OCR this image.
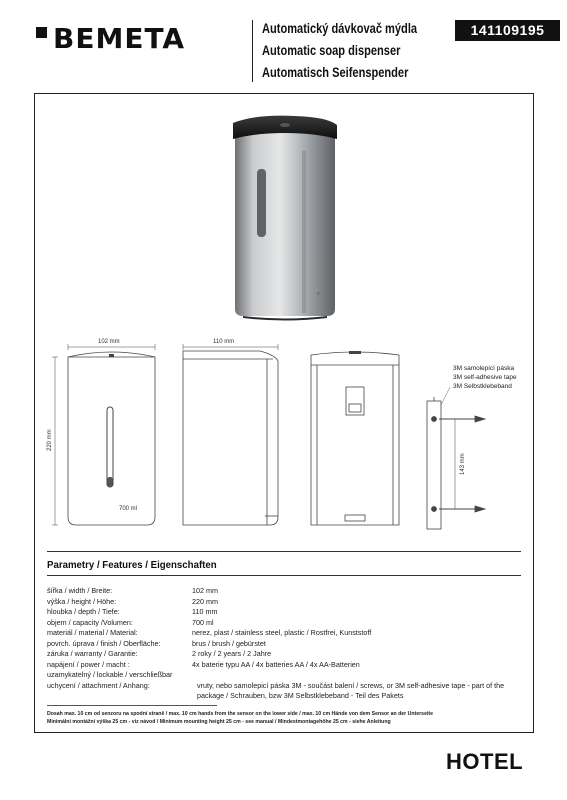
BEMETA	Automatický dávkovač mýdla
Automatic soap dispenser
Automatisch Seifenspender
141109195
★
102 mm
220 mm
700 ml
110 mm
143 mm
3M samolepicí páska
3M self-adhesive tape
3M Selbstklebeband
Parametry / Features / Eigenschaften
šířka / width / Breite:	102 mm
výška / height / Höhe:	220 mm
hloubka / depth / Tiefe:	110 mm
objem / capacity /Volumen:	700 ml
materiál / material / Material:	nerez, plast / stainless steel, plastic / Rostfrei, Kunststoff
povrch. úprava / finish / Oberfläche:	brus / brush / gebürstet
záruka / warranty / Garantie:	2 roky / 2 years / 2 Jahre
napájení / power / macht :	4x baterie typu AA / 4x batteries AA / 4x AA-Batterien
uzamykatelný / lockable / verschließbar
uchycení / attachment / Anhang:	vruty, nebo samolepicí páska 3M - součást balení / screws, or 3M self-adhesive tape - part of the package / Schrauben, bzw 3M Selbstklebeband - Teil des Pakets
Dosah max. 10 cm od senzoru na spodní straně / max. 10 cm hands from the sensor on the lower side / max. 10 cm Hände von dem Sensor an der Unterseite
Minimální montážní výška 25 cm - viz návod / Minimum mounting height 25 cm - see manual / Mindestmontagehöhe 25 cm - siehe Anleitung
HOTEL
